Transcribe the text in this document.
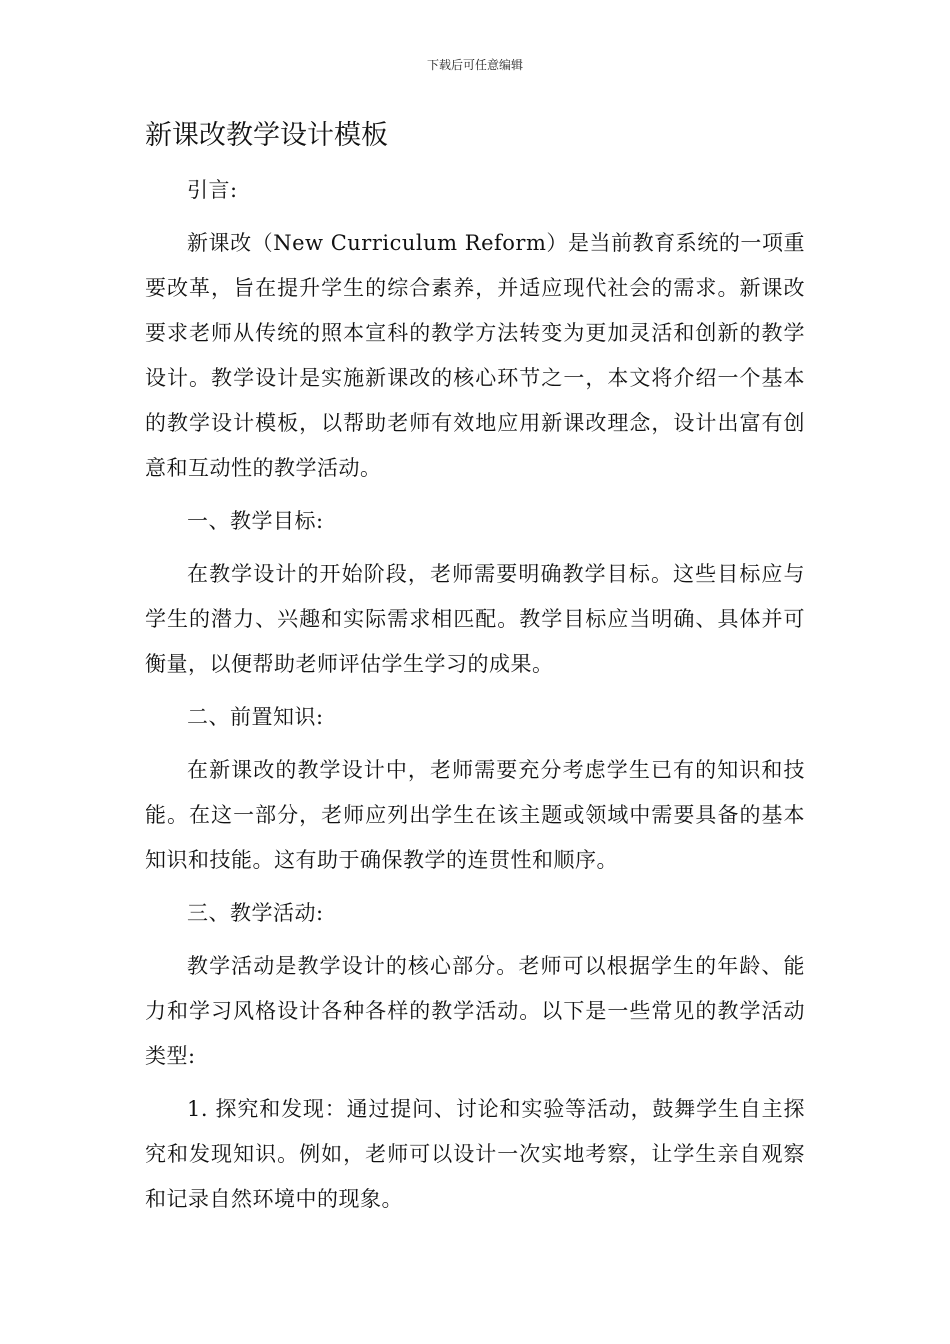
下载后可任意编辑
新课改教学设计模板

引言:

新课改（New Curriculum Reform）是当前教育系统的一项重要改革，旨在提升学生的综合素养，并适应现代社会的需求。新课改要求老师从传统的照本宣科的教学方法转变为更加灵活和创新的教学设计。教学设计是实施新课改的核心环节之一，本文将介绍一个基本的教学设计模板，以帮助老师有效地应用新课改理念，设计出富有创意和互动性的教学活动。

一、教学目标:

在教学设计的开始阶段，老师需要明确教学目标。这些目标应与学生的潜力、兴趣和实际需求相匹配。教学目标应当明确、具体并可衡量，以便帮助老师评估学生学习的成果。

二、前置知识:

在新课改的教学设计中，老师需要充分考虑学生已有的知识和技能。在这一部分，老师应列出学生在该主题或领域中需要具备的基本知识和技能。这有助于确保教学的连贯性和顺序。

三、教学活动:

教学活动是教学设计的核心部分。老师可以根据学生的年龄、能力和学习风格设计各种各样的教学活动。以下是一些常见的教学活动类型:

1. 探究和发现：通过提问、讨论和实验等活动，鼓舞学生自主探究和发现知识。例如，老师可以设计一次实地考察，让学生亲自观察和记录自然环境中的现象。
